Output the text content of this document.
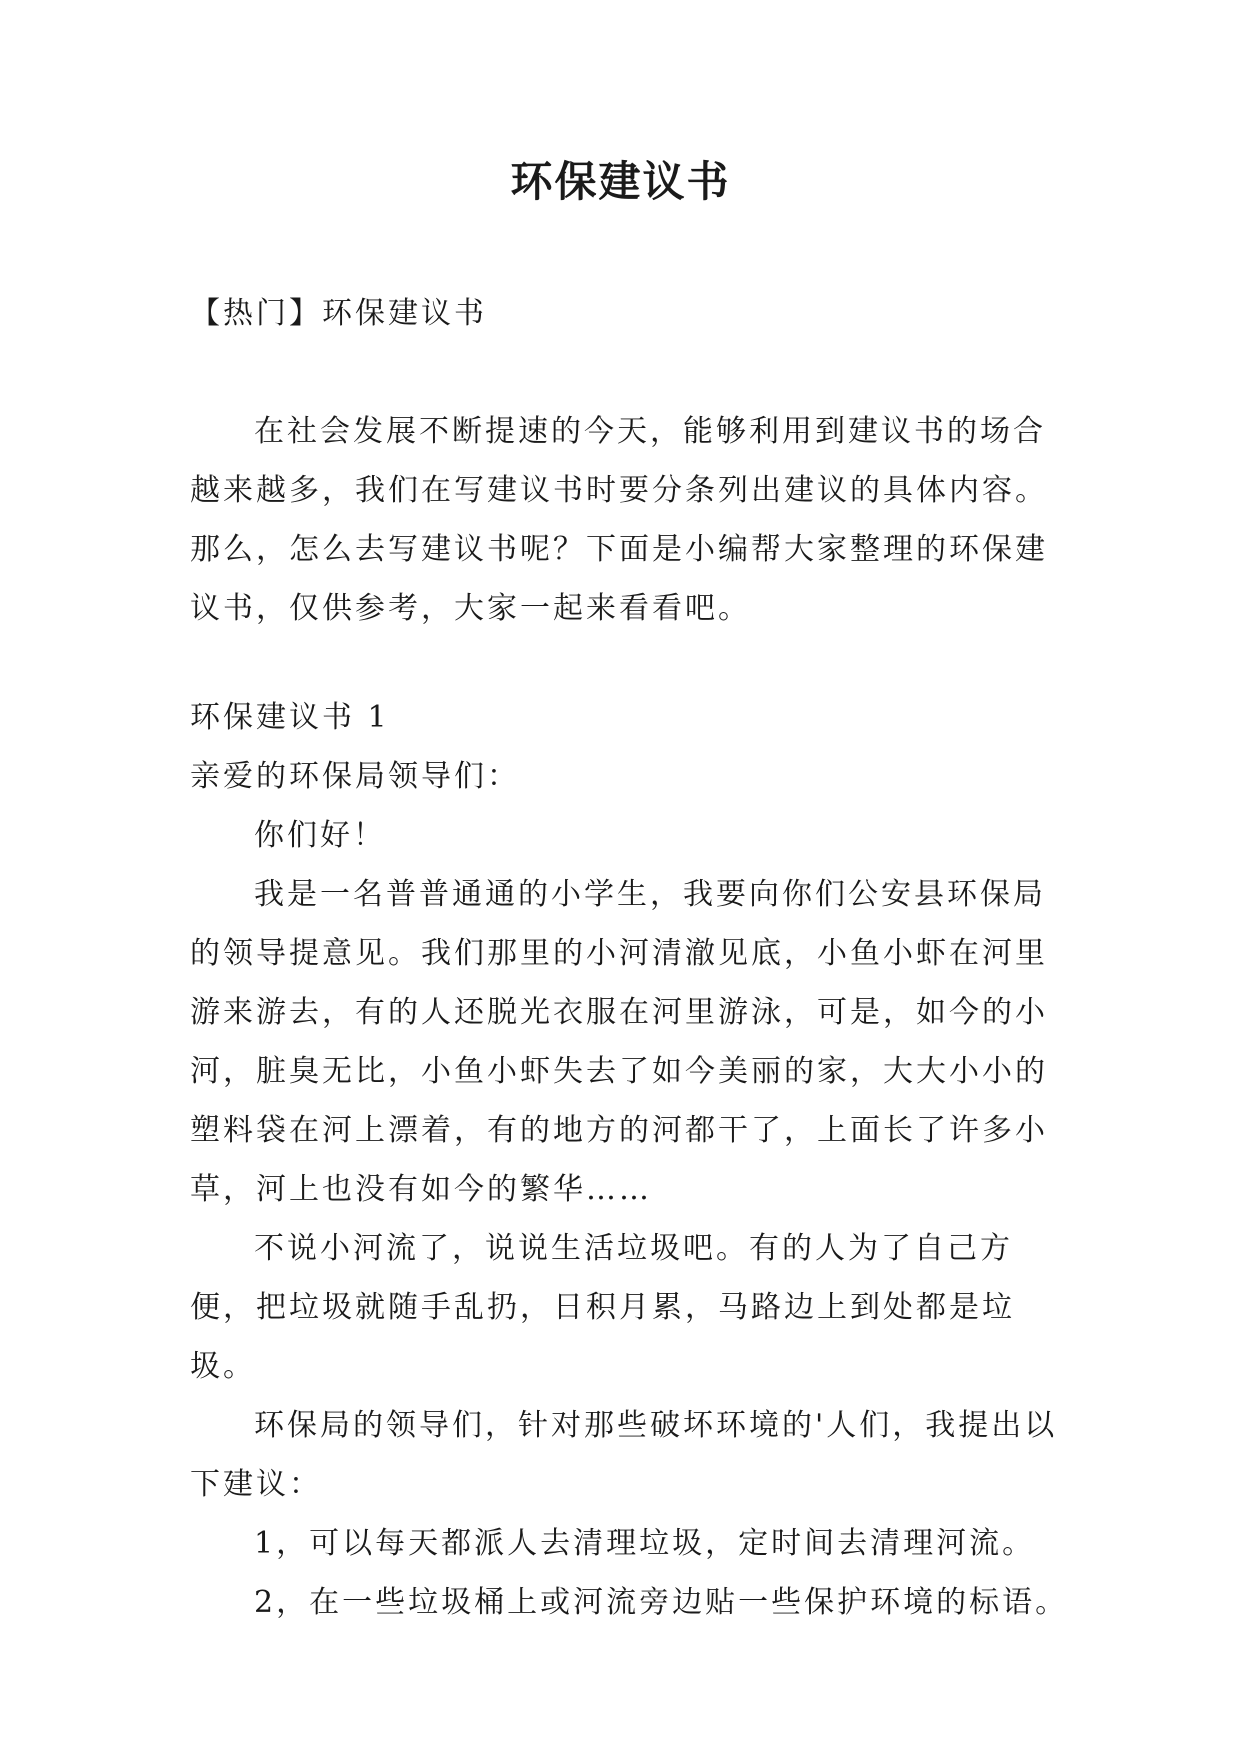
环保建议书

【热门】环保建议书

在社会发展不断提速的今天，能够利用到建议书的场合越来越多，我们在写建议书时要分条列出建议的具体内容。那么，怎么去写建议书呢？下面是小编帮大家整理的环保建议书，仅供参考，大家一起来看看吧。

环保建议书 1

亲爱的环保局领导们：

你们好！

我是一名普普通通的小学生，我要向你们公安县环保局的领导提意见。我们那里的小河清澈见底，小鱼小虾在河里游来游去，有的人还脱光衣服在河里游泳，可是，如今的小河，脏臭无比，小鱼小虾失去了如今美丽的家，大大小小的塑料袋在河上漂着，有的地方的河都干了，上面长了许多小草，河上也没有如今的繁华……

不说小河流了，说说生活垃圾吧。有的人为了自己方便，把垃圾就随手乱扔，日积月累，马路边上到处都是垃圾。

环保局的领导们，针对那些破坏环境的'人们，我提出以下建议：

1，可以每天都派人去清理垃圾，定时间去清理河流。

2，在一些垃圾桶上或河流旁边贴一些保护环境的标语。
